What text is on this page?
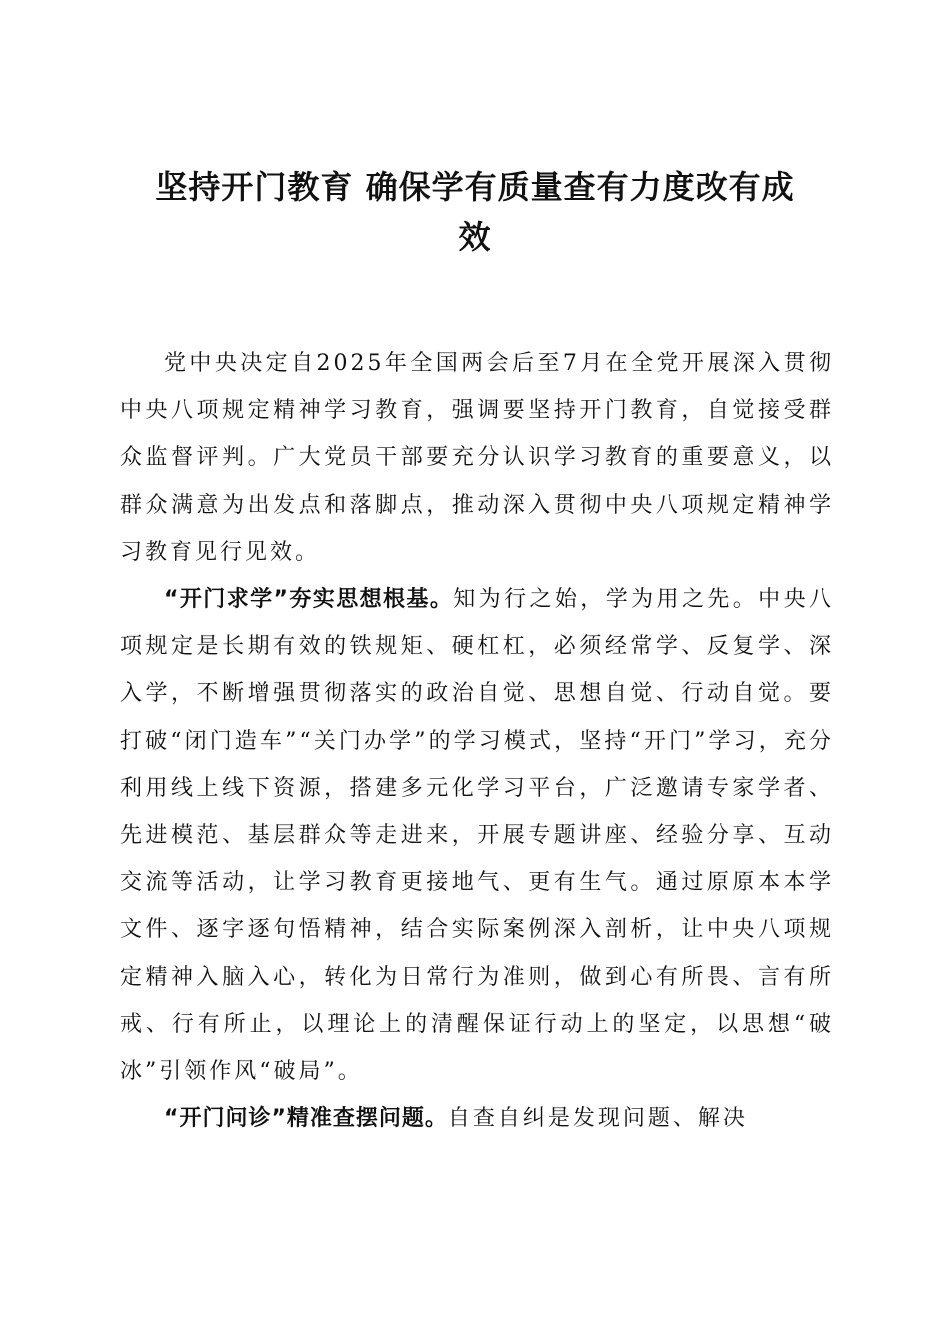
坚持开门教育 确保学有质量查有力度改有成
效

党中央决定自2025年全国两会后至7月在全党开展深入贯彻中央八项规定精神学习教育，强调要坚持开门教育，自觉接受群众监督评判。广大党员干部要充分认识学习教育的重要意义，以群众满意为出发点和落脚点，推动深入贯彻中央八项规定精神学习教育见行见效。

“开门求学”夯实思想根基。知为行之始，学为用之先。中央八项规定是长期有效的铁规矩、硬杠杠，必须经常学、反复学、深入学，不断增强贯彻落实的政治自觉、思想自觉、行动自觉。要打破“闭门造车”“关门办学”的学习模式，坚持“开门”学习，充分利用线上线下资源，搭建多元化学习平台，广泛邀请专家学者、先进模范、基层群众等走进来，开展专题讲座、经验分享、互动交流等活动，让学习教育更接地气、更有生气。通过原原本本学文件、逐字逐句悟精神，结合实际案例深入剖析，让中央八项规定精神入脑入心，转化为日常行为准则，做到心有所畏、言有所戒、行有所止，以理论上的清醒保证行动上的坚定，以思想“破冰”引领作风“破局”。

“开门问诊”精准查摆问题。自查自纠是发现问题、解决
